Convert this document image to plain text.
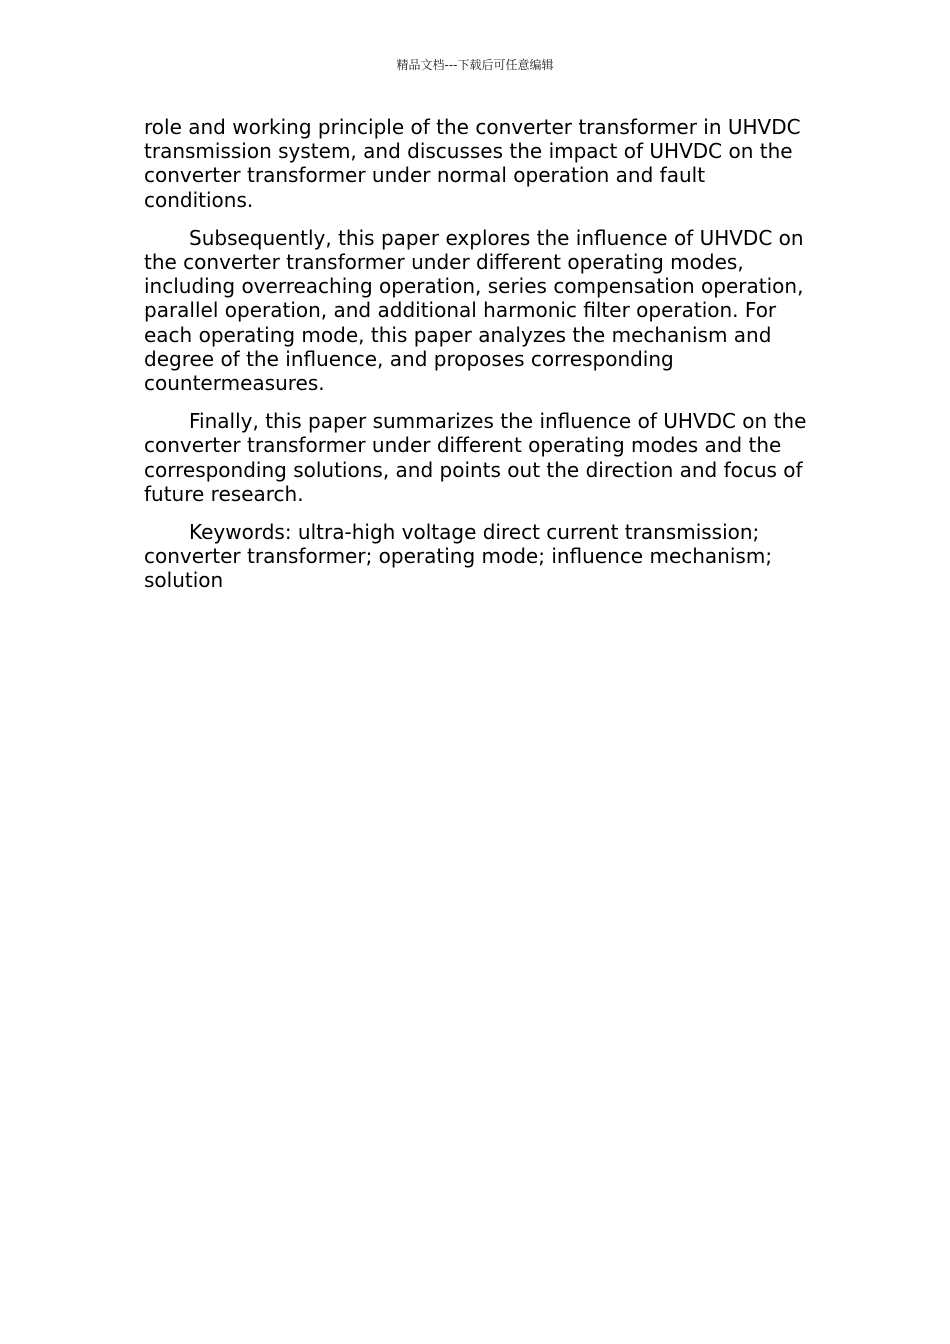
精品文档---下载后可任意编辑

role and working principle of the converter transformer in UHVDC transmission system, and discusses the impact of UHVDC on the converter transformer under normal operation and fault conditions.

Subsequently, this paper explores the influence of UHVDC on the converter transformer under different operating modes, including overreaching operation, series compensation operation, parallel operation, and additional harmonic filter operation. For each operating mode, this paper analyzes the mechanism and degree of the influence, and proposes corresponding countermeasures.

Finally, this paper summarizes the influence of UHVDC on the converter transformer under different operating modes and the corresponding solutions, and points out the direction and focus of future research.

Keywords: ultra-high voltage direct current transmission; converter transformer; operating mode; influence mechanism; solution
